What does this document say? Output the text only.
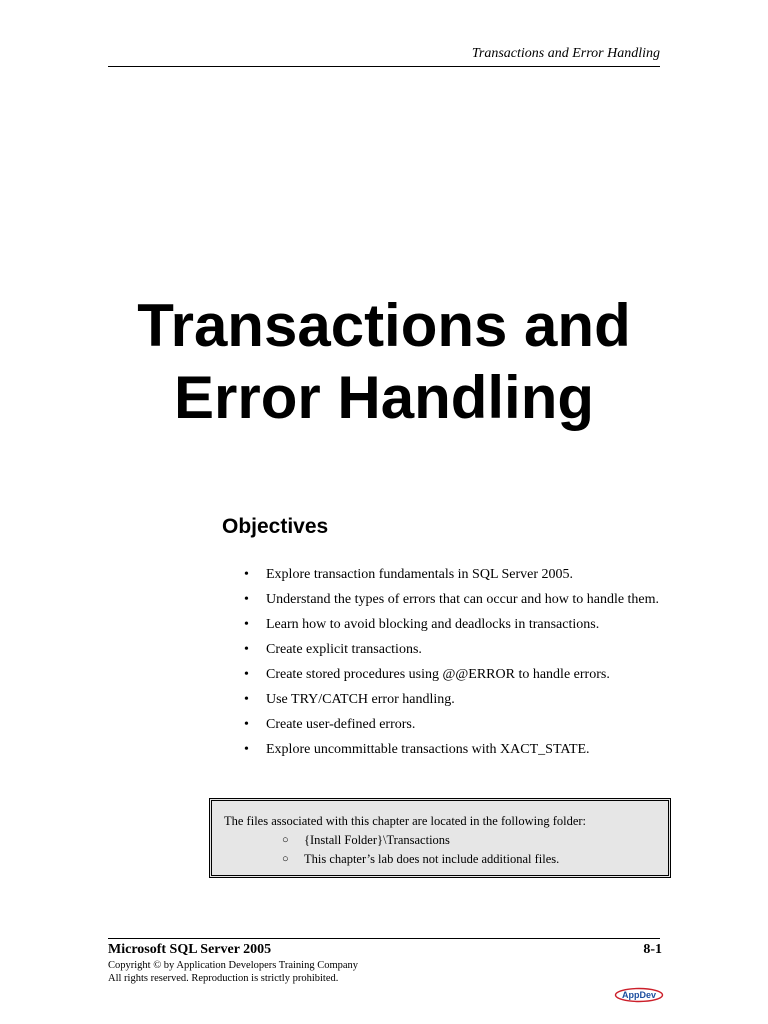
Transactions and Error Handling
Transactions and
Error Handling
Objectives
• Explore transaction fundamentals in SQL Server 2005.
• Understand the types of errors that can occur and how to handle them.
• Learn how to avoid blocking and deadlocks in transactions.
• Create explicit transactions.
• Create stored procedures using @@ERROR to handle errors.
• Use TRY/CATCH error handling.
• Create user-defined errors.
• Explore uncommittable transactions with XACT_STATE.
The files associated with this chapter are located in the following folder:
○ {Install Folder}\Transactions
○ This chapter’s lab does not include additional files.
Microsoft SQL Server 2005	8-1
Copyright © by Application Developers Training Company
All rights reserved. Reproduction is strictly prohibited.
AppDev
